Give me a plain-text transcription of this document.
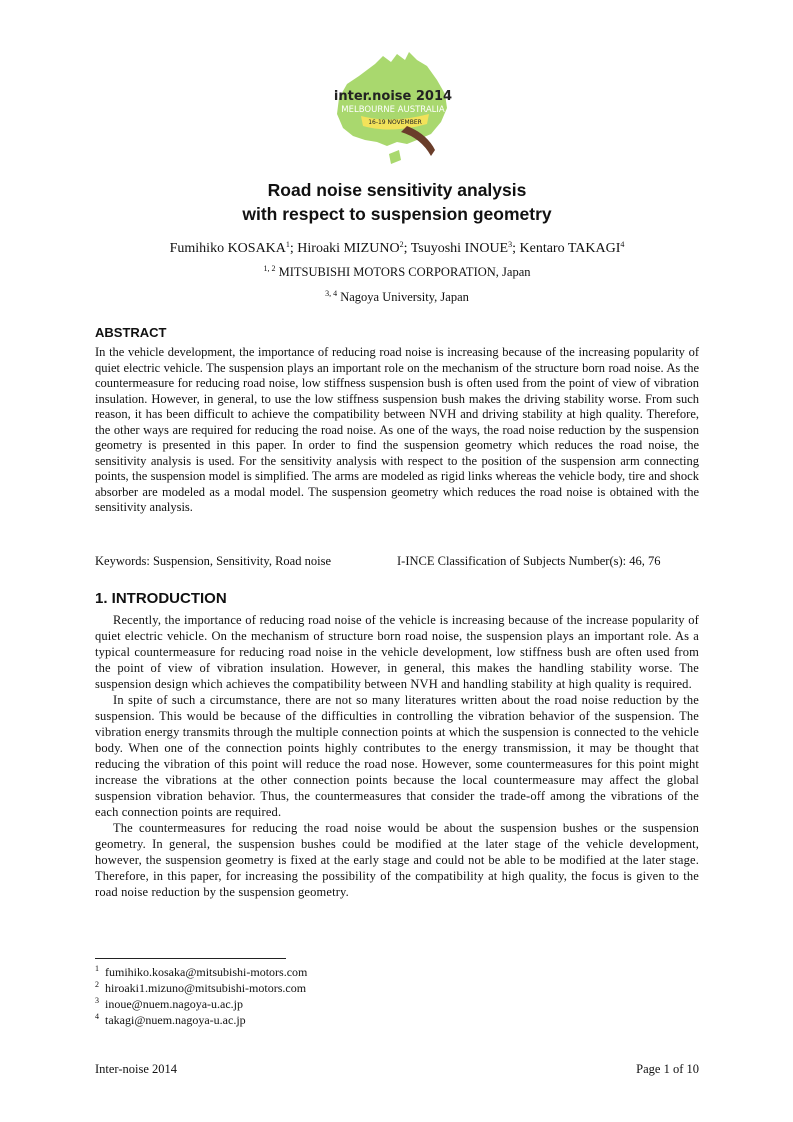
inter.noise 2014
MELBOURNE AUSTRALIA
16-19 NOVEMBER
Road noise sensitivity analysis
with respect to suspension geometry
Fumihiko KOSAKA$^1$; Hiroaki MIZUNO$^2$; Tsuyoshi INOUE$^3$; Kentaro TAKAGI$^4$
$^{1, 2}$ MITSUBISHI MOTORS CORPORATION, Japan
$^{3, 4}$ Nagoya University, Japan
ABSTRACT

In the vehicle development, the importance of reducing road noise is increasing because of the increasing popularity of quiet electric vehicle. The suspension plays an important role on the mechanism of the structure born road noise. As the countermeasure for reducing road noise, low stiffness suspension bush is often used from the point of view of vibration insulation. However, in general, to use the low stiffness suspension bush makes the driving stability worse. From such reason, it has been difficult to achieve the compatibility between NVH and driving stability at high quality. Therefore, the other ways are required for reducing the road noise. As one of the ways, the road noise reduction by the suspension geometry is presented in this paper. In order to find the suspension geometry which reduces the road noise, the sensitivity analysis is used. For the sensitivity analysis with respect to the position of the suspension arm connecting points, the suspension model is simplified. The arms are modeled as rigid links whereas the vehicle body, tire and shock absorber are modeled as a modal model. The suspension geometry which reduces the road noise is obtained with the sensitivity analysis.

Keywords: Suspension, Sensitivity, Road noise	I-INCE Classification of Subjects Number(s): 46, 76
1. INTRODUCTION

Recently, the importance of reducing road noise of the vehicle is increasing because of the increase popularity of quiet electric vehicle. On the mechanism of structure born road noise, the suspension plays an important role. As a typical countermeasure for reducing road noise in the vehicle development, low stiffness bush are often used from the point of view of vibration insulation. However, in general, this makes the handling stability worse. The suspension design which achieves the compatibility between NVH and handling stability at high quality is required.

In spite of such a circumstance, there are not so many literatures written about the road noise reduction by the suspension. This would be because of the difficulties in controlling the vibration behavior of the suspension. The vibration energy transmits through the multiple connection points at which the suspension is connected to the vehicle body. When one of the connection points highly contributes to the energy transmission, it may be thought that reducing the vibration of this point will reduce the road nose. However, some countermeasures for this point might increase the vibrations at the other connection points because the local countermeasure may affect the global suspension vibration behavior. Thus, the countermeasures that consider the trade-off among the vibrations of the each connection points are required.

The countermeasures for reducing the road noise would be about the suspension bushes or the suspension geometry. In general, the suspension bushes could be modified at the later stage of the vehicle development, however, the suspension geometry is fixed at the early stage and could not be able to be modified at the later stage. Therefore, in this paper, for increasing the possibility of the compatibility at high quality, the focus is given to the road noise reduction by the suspension geometry.

$^1$ fumihiko.kosaka@mitsubishi-motors.com
$^2$ hiroaki1.mizuno@mitsubishi-motors.com
$^3$ inoue@nuem.nagoya-u.ac.jp
$^4$ takagi@nuem.nagoya-u.ac.jp
Inter-noise 2014	Page 1 of 10
